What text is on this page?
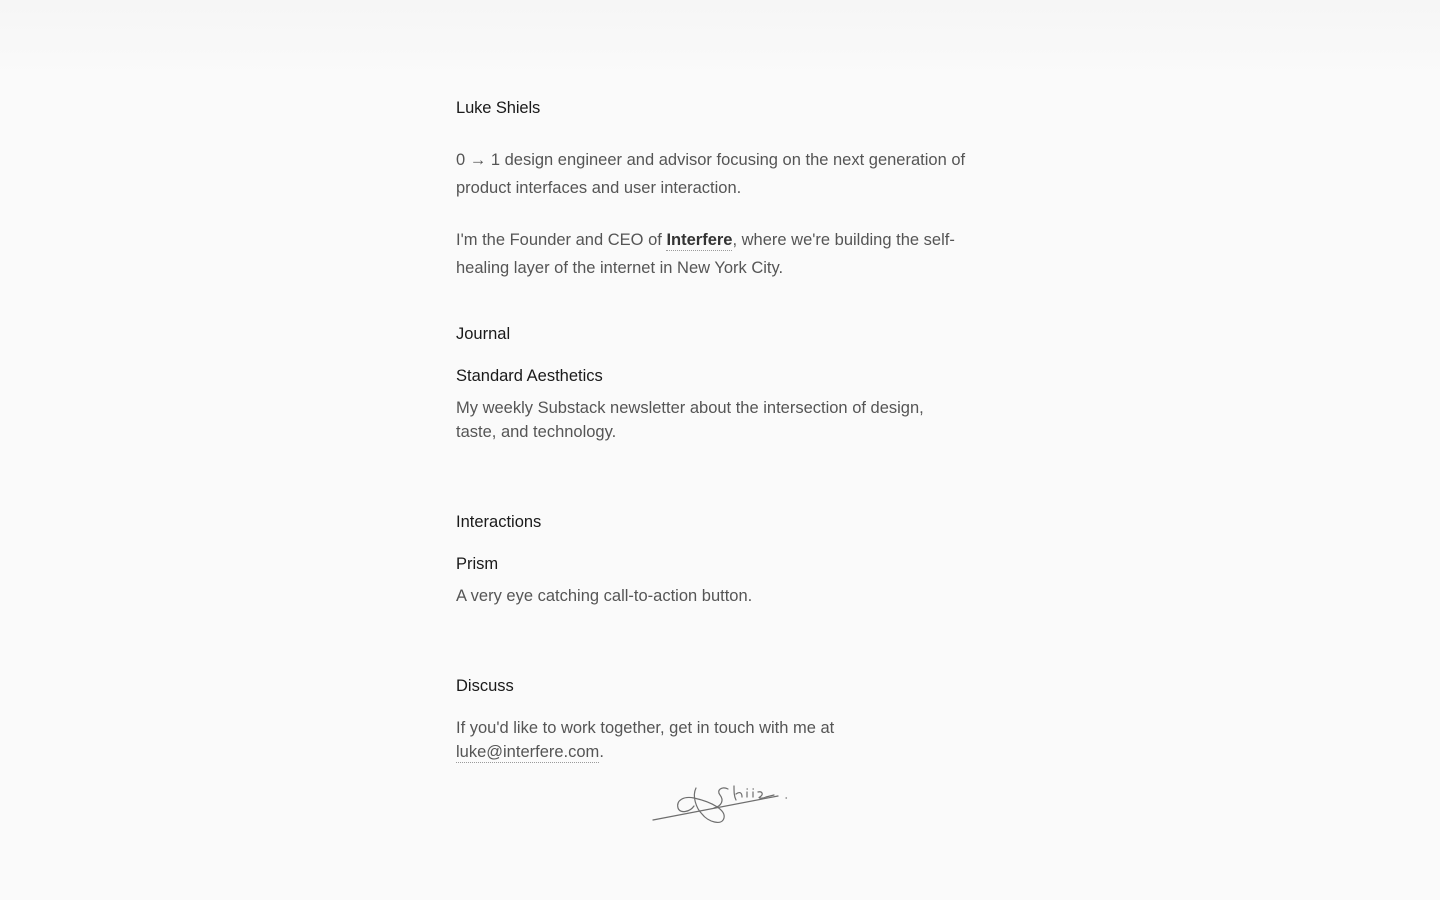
Luke Shiels

0 → 1 design engineer and advisor focusing on the next generation of product interfaces and user interaction.

I'm the Founder and CEO of Interfere, where we're building the self-healing layer of the internet in New York City.

Journal
Standard Aesthetics
My weekly Substack newsletter about the intersection of design, taste, and technology.
Interactions
Prism
A very eye catching call-to-action button.
Discuss

If you'd like to work together, get in touch with me at luke@interfere.com.
